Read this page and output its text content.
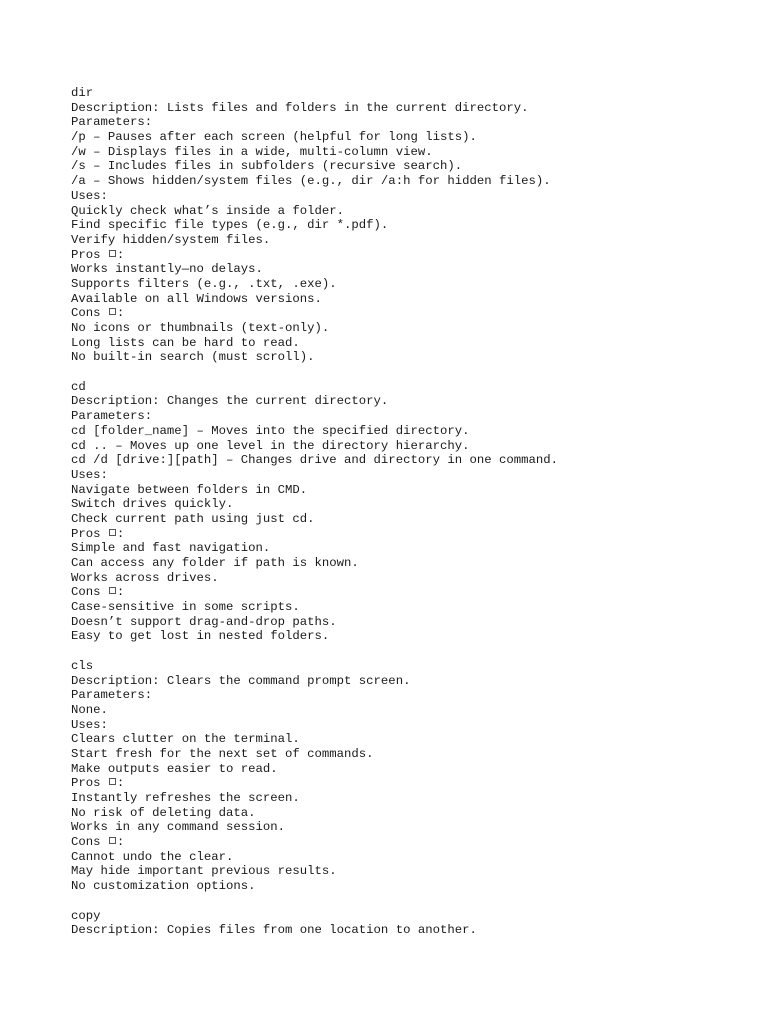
dir
Description: Lists files and folders in the current directory.
Parameters:
/p – Pauses after each screen (helpful for long lists).
/w – Displays files in a wide, multi-column view.
/s – Includes files in subfolders (recursive search).
/a – Shows hidden/system files (e.g., dir /a:h for hidden files).
Uses:
Quickly check what’s inside a folder.
Find specific file types (e.g., dir *.pdf).
Verify hidden/system files.
Pros :
Works instantly—no delays.
Supports filters (e.g., .txt, .exe).
Available on all Windows versions.
Cons :
No icons or thumbnails (text-only).
Long lists can be hard to read.
No built-in search (must scroll).
cd
Description: Changes the current directory.
Parameters:
cd [folder_name] – Moves into the specified directory.
cd .. – Moves up one level in the directory hierarchy.
cd /d [drive:][path] – Changes drive and directory in one command.
Uses:
Navigate between folders in CMD.
Switch drives quickly.
Check current path using just cd.
Pros :
Simple and fast navigation.
Can access any folder if path is known.
Works across drives.
Cons :
Case-sensitive in some scripts.
Doesn’t support drag-and-drop paths.
Easy to get lost in nested folders.
cls
Description: Clears the command prompt screen.
Parameters:
None.
Uses:
Clears clutter on the terminal.
Start fresh for the next set of commands.
Make outputs easier to read.
Pros :
Instantly refreshes the screen.
No risk of deleting data.
Works in any command session.
Cons :
Cannot undo the clear.
May hide important previous results.
No customization options.
copy
Description: Copies files from one location to another.
